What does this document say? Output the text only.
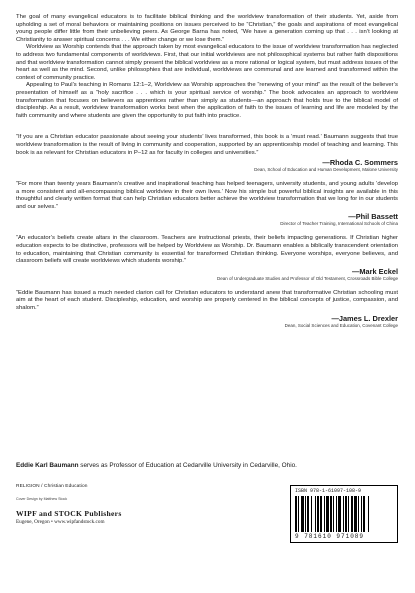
The goal of many evangelical educators is to facilitate biblical thinking and the worldview transformation of their students. Yet, aside from upholding a set of moral behaviors or maintaining positions on issues perceived to be “Christian,” the goals and aspirations of most evangelical young people differ little from their unbelieving peers. As George Barna has noted, “We have a generation coming up that . . . isn’t looking at Christianity to answer spiritual concerns . . . We either change or we lose them.”

Worldview as Worship contends that the approach taken by most evangelical educators to the issue of worldview transformation has neglected to address two fundamental components of worldviews. First, that our initial worldviews are not philosophical systems but rather faith dispositions and that worldview transformation cannot simply present the biblical worldview as a more rational or logical system, but must address issues of the heart as well as the mind. Second, unlike philosophies that are individual, worldviews are communal and are learned and transformed within the context of community practice.

Appealing to Paul’s teaching in Romans 12:1–2, Worldview as Worship approaches the “renewing of your mind” as the result of the believer’s presentation of himself as a “holy sacrifice . . . which is your spiritual service of worship.” The book advocates an approach to worldview transformation that focuses on believers as apprentices rather than simply as students—an approach that holds true to the biblical model of discipleship. As a result, worldview transformation works best when the application of faith to the issues of learning and life are modeled by the faith community and where students are given the opportunity to put faith into practice.

“If you are a Christian educator passionate about seeing your students’ lives transformed, this book is a ‘must read.’ Baumann suggests that true worldview transformation is the result of living in community and cooperation, supported by an apprenticeship model of teaching and learning. This book is as relevant for Christian educators in P–12 as for faculty in colleges and universities.”

—Rhoda C. Sommers
Dean, School of Education and Human Development, Malone University

“For more than twenty years Baumann’s creative and inspirational teaching has helped teenagers, university students, and young adults ‘develop a more consistent and all-encompassing biblical worldview in their own lives.’ Now his simple but powerful biblical insights are available in this thoughtful and clearly written format that can help Christian educators better achieve the worldview transformation that we long for in our students and our selves.”

—Phil Bassett
Director of Teacher Training, International Schools of China

“An educator’s beliefs create altars in the classroom. Teachers are instructional priests, their beliefs impacting generations. If Christian higher education expects to be distinctive, professors will be helped by Worldview as Worship. Dr. Baumann enables a biblically transcendent orientation to education, maintaining that Christian community is essential for transformed Christian thinking. Everyone worships, everyone believes, and classroom beliefs will create worldviews which students worship.”

—Mark Eckel
Dean of Undergraduate Studies and Professor of Old Testament, Crossroads Bible College

“Eddie Baumann has issued a much needed clarion call for Christian educators to understand anew that transformative Christian schooling must aim at the heart of each student. Discipleship, education, and worship are properly centered in the biblical concepts of justice, compassion, and shalom.”

—James L. Drexler
Dean, Social Sciences and Education, Covenant College
Eddie Karl Baumann serves as Professor of Education at Cedarville University in Cedarville, Ohio.
RELIGION / Christian Education
Cover Design by Matthew Stock
WIPF and STOCK Publishers
Eugene, Oregon • www.wipfandstock.com
ISBN 978-1-61097-108-9
9 781610 971089
